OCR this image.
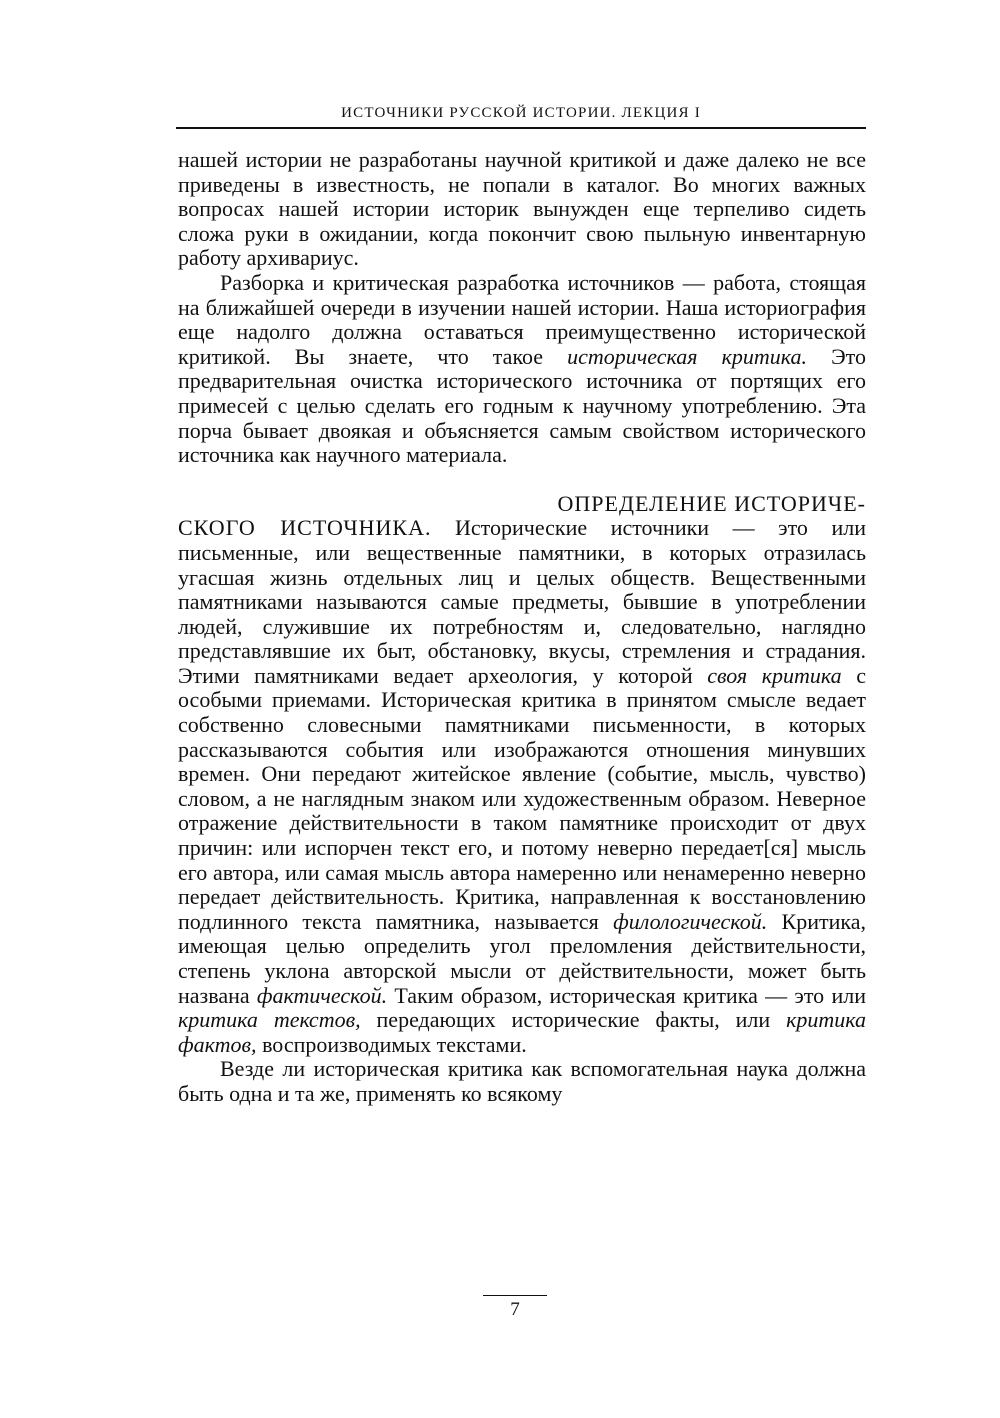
ИСТОЧНИКИ РУССКОЙ ИСТОРИИ. ЛЕКЦИЯ I

нашей истории не разработаны научной критикой и даже далеко не все приведены в известность, не попали в каталог. Во многих важных вопросах нашей истории историк вынужден еще терпеливо сидеть сложа руки в ожидании, когда покончит свою пыльную инвентарную работу архивариус.

Разборка и критическая разработка источников — работа, стоящая на ближайшей очереди в изучении нашей истории. Наша историография еще надолго должна оставаться преимущественно исторической критикой. Вы знаете, что такое историческая критика. Это предварительная очистка исторического источника от портящих его примесей с целью сделать его годным к научному употреблению. Эта порча бывает двоякая и объясняется самым свойством исторического источника как научного материала.

ОПРЕДЕЛЕНИЕ ИСТОРИЧЕ-
СКОГО ИСТОЧНИКА. Исторические источники — это или письменные, или вещественные памятники, в которых отразилась угасшая жизнь отдельных лиц и целых обществ. Вещественными памятниками называются самые предметы, бывшие в употреблении людей, служившие их потребностям и, следовательно, наглядно представлявшие их быт, обстановку, вкусы, стремления и страдания. Этими памятниками ведает археология, у которой своя критика с особыми приемами. Историческая критика в принятом смысле ведает собственно словесными памятниками письменности, в которых рассказываются события или изображаются отношения минувших времен. Они передают житейское явление (событие, мысль, чувство) словом, а не наглядным знаком или художественным образом. Неверное отражение действительности в таком памятнике происходит от двух причин: или испорчен текст его, и потому неверно передает[ся] мысль его автора, или самая мысль автора намеренно или ненамеренно неверно передает действительность. Критика, направленная к восстановлению подлинного текста памятника, называется филологической. Критика, имеющая целью определить угол преломления действительности, степень уклона авторской мысли от действительности, может быть названа фактической. Таким образом, историческая критика — это или критика текстов, передающих исторические факты, или критика фактов, воспроизводимых текстами.

Везде ли историческая критика как вспомогательная наука должна быть одна и та же, применять ко всякому

7
